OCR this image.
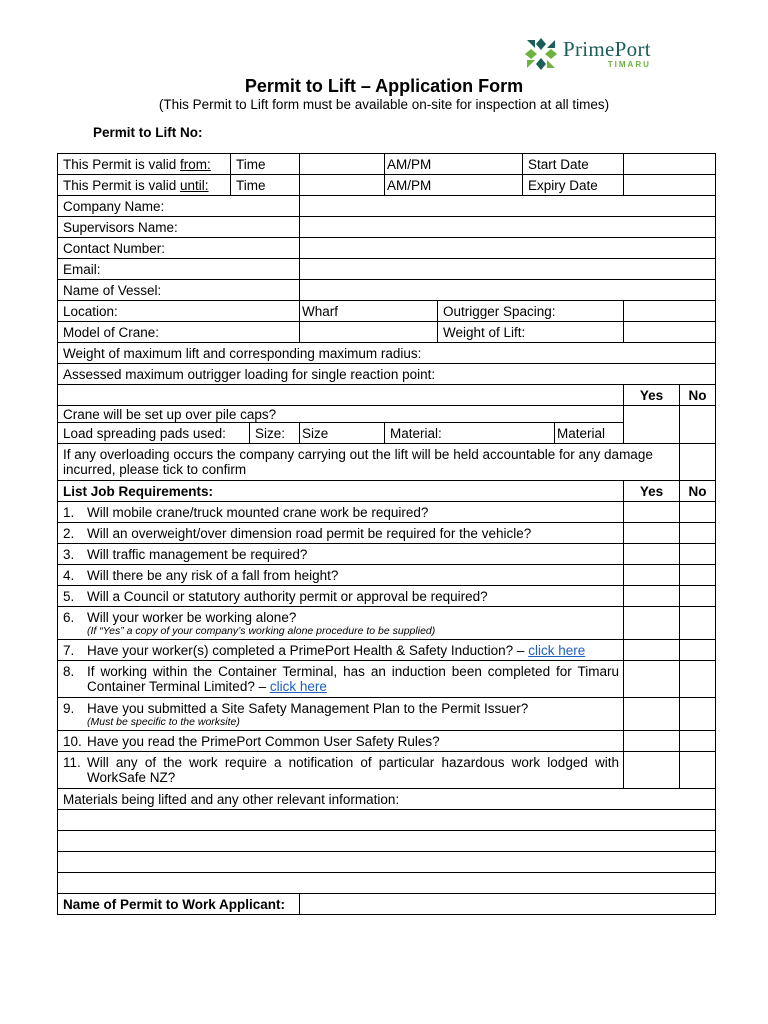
PrimePort
TIMARU
Permit to Lift – Application Form
(This Permit to Lift form must be available on-site for inspection at all times)
Permit to Lift No:
This Permit is valid from:	Time			AM/PM		Start Date			
This Permit is valid until:	Time			AM/PM		Expiry Date			
Company Name:									
Supervisors Name:									
Contact Number:									
Email:									
Name of Vessel:									
Location:			Wharf		Outrigger Spacing:				
Model of Crane:					Weight of Lift:				
Weight of maximum lift and corresponding maximum radius:									
Assessed maximum outrigger loading for single reaction point:									
								Yes	No
Crane will be set up over pile caps?									
Load spreading pads used:		Size:	Size	Material:			Material		
If any overloading occurs the company carrying out the lift will be held accountable for any damage incurred, please tick to confirm									
List Job Requirements:								Yes	No
1. Will mobile crane/truck mounted crane work be required?									
2. Will an overweight/over dimension road permit be required for the vehicle?									
3. Will traffic management be required?									
4. Will there be any risk of a fall from height?									
5. Will a Council or statutory authority permit or approval be required?									
6. Will your worker be working alone?
(If “Yes” a copy of your company’s working alone procedure to be supplied)									

7. Have your worker(s) completed a PrimePort Health & Safety Induction? – click here									

8. If working within the Container Terminal, has an induction been completed for Timaru Container Terminal Limited? – click here									

9. Have you submitted a Site Safety Management Plan to the Permit Issuer?
(Must be specific to the worksite)									

10. Have you read the PrimePort Common User Safety Rules?									

11. Will any of the work require a notification of particular hazardous work lodged with WorkSafe NZ?									

Materials being lifted and any other relevant information:									

Name of Permit to Work Applicant:									
